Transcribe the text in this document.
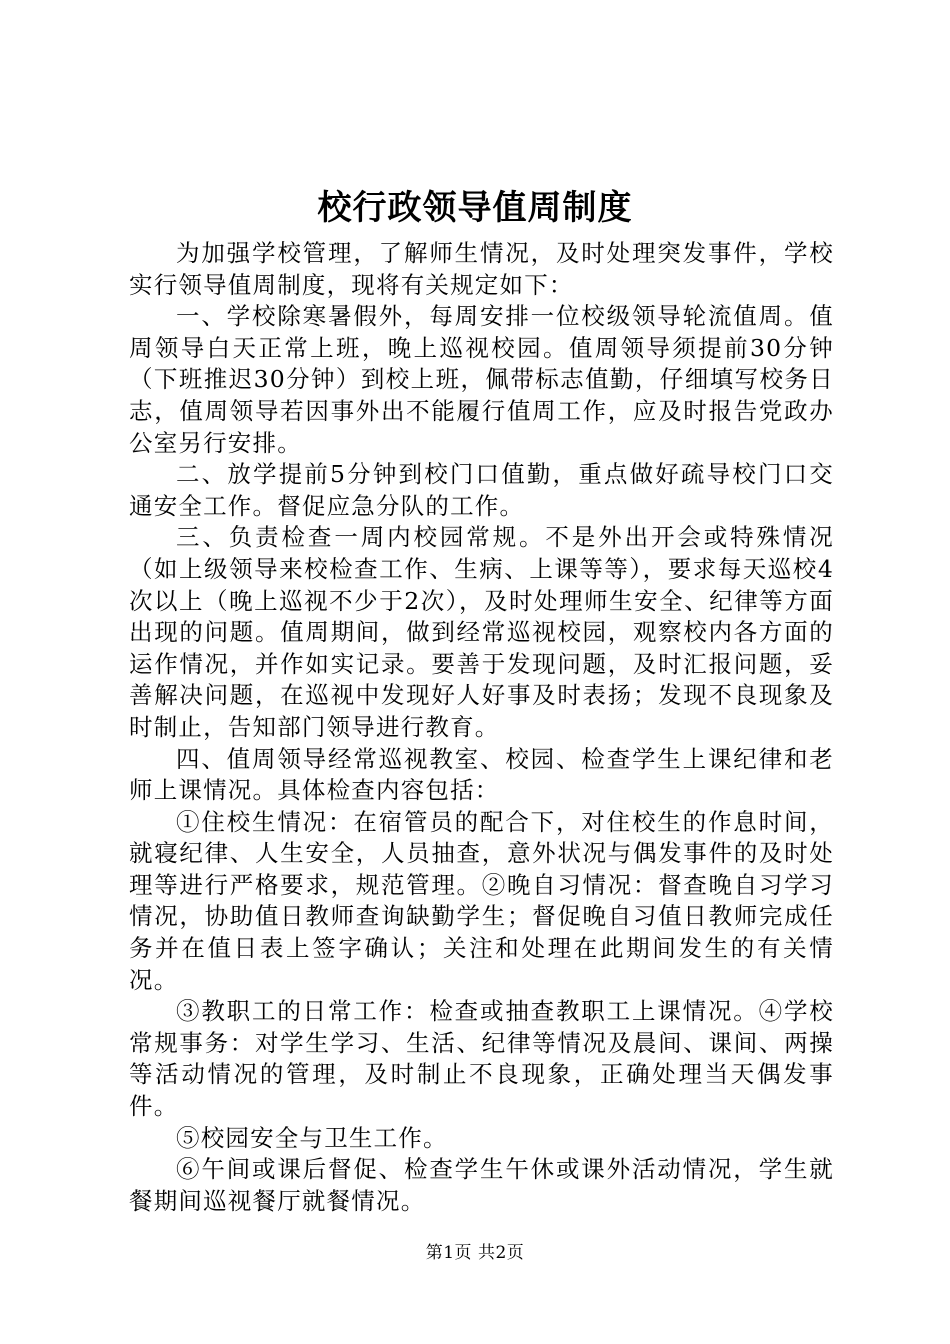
校行政领导值周制度

为加强学校管理，了解师生情况，及时处理突发事件，学校实行领导值周制度，现将有关规定如下：

一、学校除寒暑假外，每周安排一位校级领导轮流值周。值周领导白天正常上班，晚上巡视校园。值周领导须提前30分钟（下班推迟30分钟）到校上班，佩带标志值勤，仔细填写校务日志，值周领导若因事外出不能履行值周工作，应及时报告党政办公室另行安排。

二、放学提前5分钟到校门口值勤，重点做好疏导校门口交通安全工作。督促应急分队的工作。

三、负责检查一周内校园常规。不是外出开会或特殊情况（如上级领导来校检查工作、生病、上课等等），要求每天巡校4次以上（晚上巡视不少于2次），及时处理师生安全、纪律等方面出现的问题。值周期间，做到经常巡视校园，观察校内各方面的运作情况，并作如实记录。要善于发现问题，及时汇报问题，妥善解决问题，在巡视中发现好人好事及时表扬；发现不良现象及时制止，告知部门领导进行教育。

四、值周领导经常巡视教室、校园、检查学生上课纪律和老师上课情况。具体检查内容包括：

①住校生情况：在宿管员的配合下，对住校生的作息时间，就寝纪律、人生安全，人员抽查，意外状况与偶发事件的及时处理等进行严格要求，规范管理。②晚自习情况：督查晚自习学习情况，协助值日教师查询缺勤学生；督促晚自习值日教师完成任务并在值日表上签字确认；关注和处理在此期间发生的有关情况。

③教职工的日常工作：检查或抽查教职工上课情况。④学校常规事务：对学生学习、生活、纪律等情况及晨间、课间、两操等活动情况的管理，及时制止不良现象，正确处理当天偶发事件。

⑤校园安全与卫生工作。

⑥午间或课后督促、检查学生午休或课外活动情况，学生就餐期间巡视餐厅就餐情况。

第1页 共2页
